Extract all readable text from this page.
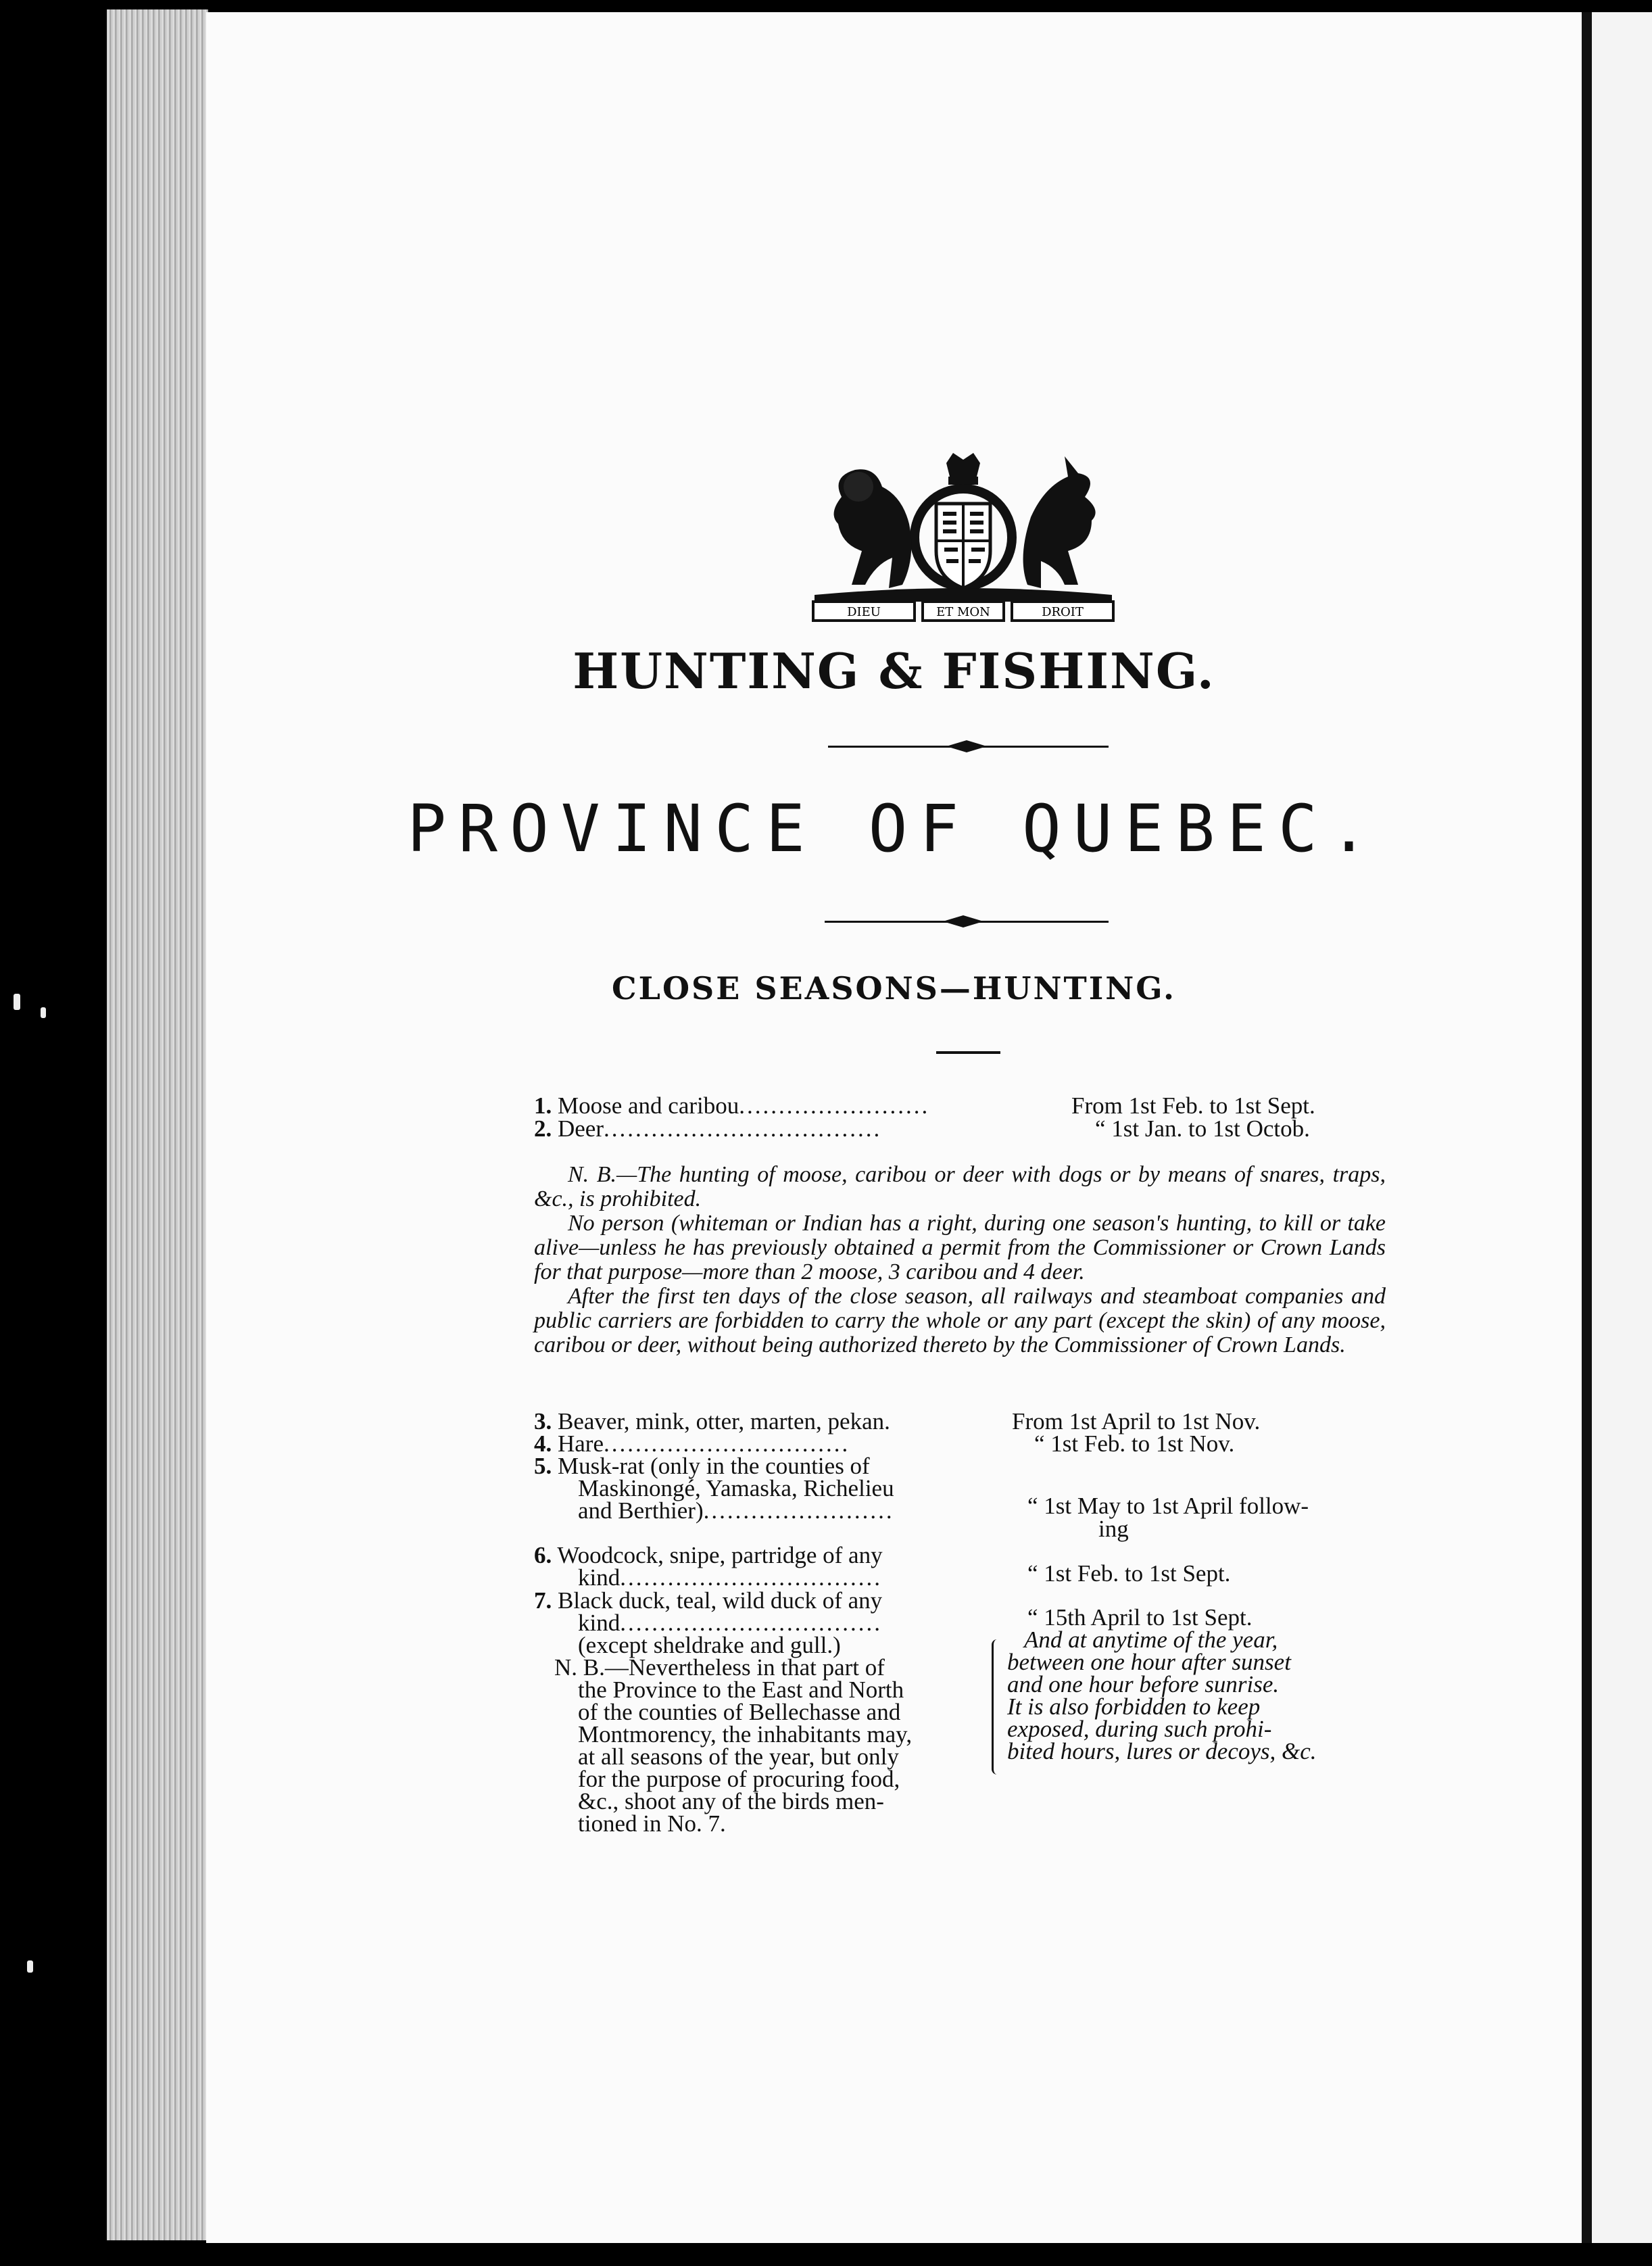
DIEU	ET MON	DROIT
HUNTING & FISHING.
PROVINCE OF QUEBEC.
CLOSE SEASONS—HUNTING.
1. Moose and caribou........................	From 1st Feb. to 1st Sept.
2. Deer...................................	“ 1st Jan. to 1st Octob.

N. B.—The hunting of moose, caribou or deer with dogs or by means of snares, traps, &c., is prohibited.

No person (whiteman or Indian has a right, during one season's hunting, to kill or take alive—unless he has previously obtained a permit from the Commissioner or Crown Lands for that purpose—more than 2 moose, 3 caribou and 4 deer.

After the first ten days of the close season, all railways and steamboat companies and public carriers are forbidden to carry the whole or any part (except the skin) of any moose, caribou or deer, without being authorized thereto by the Commissioner of Crown Lands.

3. Beaver, mink, otter, marten, pekan.	From 1st April to 1st Nov.
4. Hare...............................	“ 1st Feb. to 1st Nov.
5. Musk-rat (only in the counties of
Maskinongé, Yamaska, Richelieu
and Berthier)........................	“ 1st May to 1st April follow-
ing
6. Woodcock, snipe, partridge of any
kind.................................	“ 1st Feb. to 1st Sept.
7. Black duck, teal, wild duck of any
kind.................................	“ 15th April to 1st Sept.
(except sheldrake and gull.)
N. B.—Nevertheless in that part of
the Province to the East and North
of the counties of Bellechasse and
Montmorency, the inhabitants may,
at all seasons of the year, but only
for the purpose of procuring food,
&c., shoot any of the birds men-
tioned in No. 7.
And at anytime of the year,
between one hour after sunset
and one hour before sunrise.
It is also forbidden to keep
exposed, during such prohi-
bited hours, lures or decoys, &c.
